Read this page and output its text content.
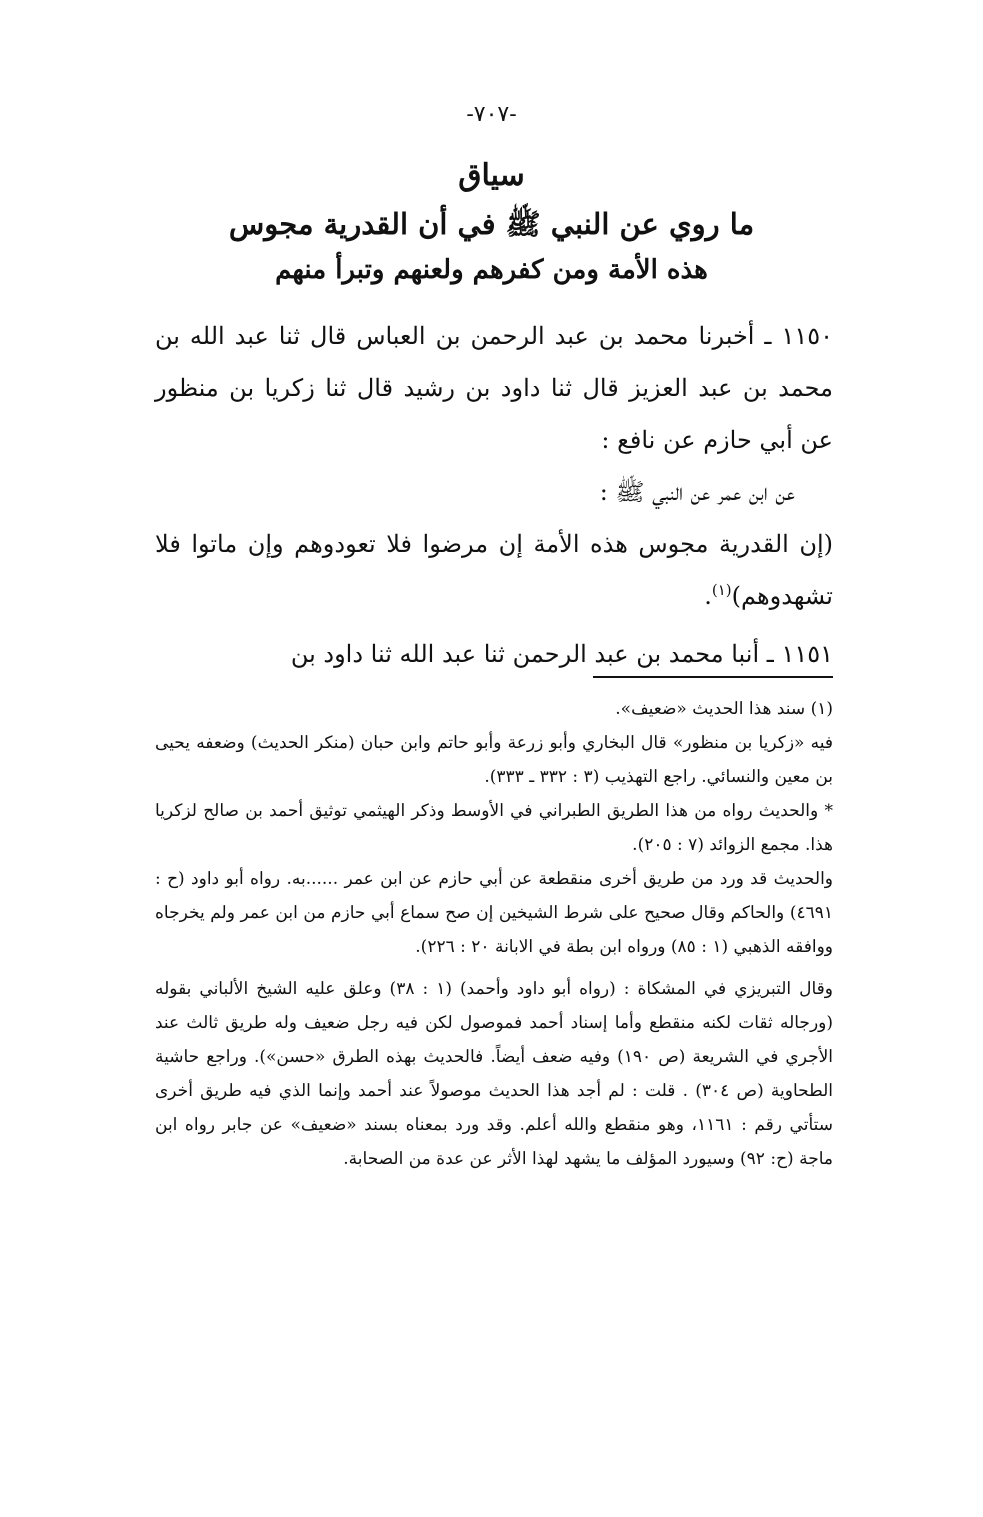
-٧٠٧-
سياق
ما روي عن النبي ﷺ في أن القدرية مجوس
هذه الأمة ومن كفرهم ولعنهم وتبرأ منهم

١١٥٠ ـ أخبرنا محمد بن عبد الرحمن بن العباس قال ثنا عبد الله بن محمد بن عبد العزيز قال ثنا داود بن رشيد قال ثنا زكريا بن منظور عن أبي حازم عن نافع :

عن ابن عمر عن النبي ﷺ :

(إن القدرية مجوس هذه الأمة إن مرضوا فلا تعودوهم وإن ماتوا فلا تشهدوهم)$^{(١)}$.

١١٥١ ـ أنبا محمد بن عبد الرحمن ثنا عبد الله ثنا داود بن

(١) سند هذا الحديث «ضعيف».

فيه «زكريا بن منظور» قال البخاري وأبو زرعة وأبو حاتم وابن حبان (منكر الحديث) وضعفه يحيى بن معين والنسائي. راجع التهذيب (٣ : ٣٣٢ ـ ٣٣٣).

* والحديث رواه من هذا الطريق الطبراني في الأوسط وذكر الهيثمي توثيق أحمد بن صالح لزكريا هذا. مجمع الزوائد (٧ : ٢٠٥).

والحديث قد ورد من طريق أخرى منقطعة عن أبي حازم عن ابن عمر ......به. رواه أبو داود (ح : ٤٦٩١) والحاكم وقال صحيح على شرط الشيخين إن صح سماع أبي حازم من ابن عمر ولم يخرجاه ووافقه الذهبي (١ : ٨٥) ورواه ابن بطة في الابانة ٢٠ : ٢٢٦).

وقال التبريزي في المشكاة : (رواه أبو داود وأحمد) (١ : ٣٨) وعلق عليه الشيخ الألباني بقوله (ورجاله ثقات لكنه منقطع وأما إسناد أحمد فموصول لكن فيه رجل ضعيف وله طريق ثالث عند الأجري في الشريعة (ص ١٩٠) وفيه ضعف أيضاً. فالحديث بهذه الطرق «حسن»). وراجع حاشية الطحاوية (ص ٣٠٤) . قلت : لم أجد هذا الحديث موصولاً عند أحمد وإنما الذي فيه طريق أخرى ستأتي رقم : ١١٦١، وهو منقطع والله أعلم. وقد ورد بمعناه بسند «ضعيف» عن جابر رواه ابن ماجة (ح: ٩٢) وسيورد المؤلف ما يشهد لهذا الأثر عن عدة من الصحابة.
